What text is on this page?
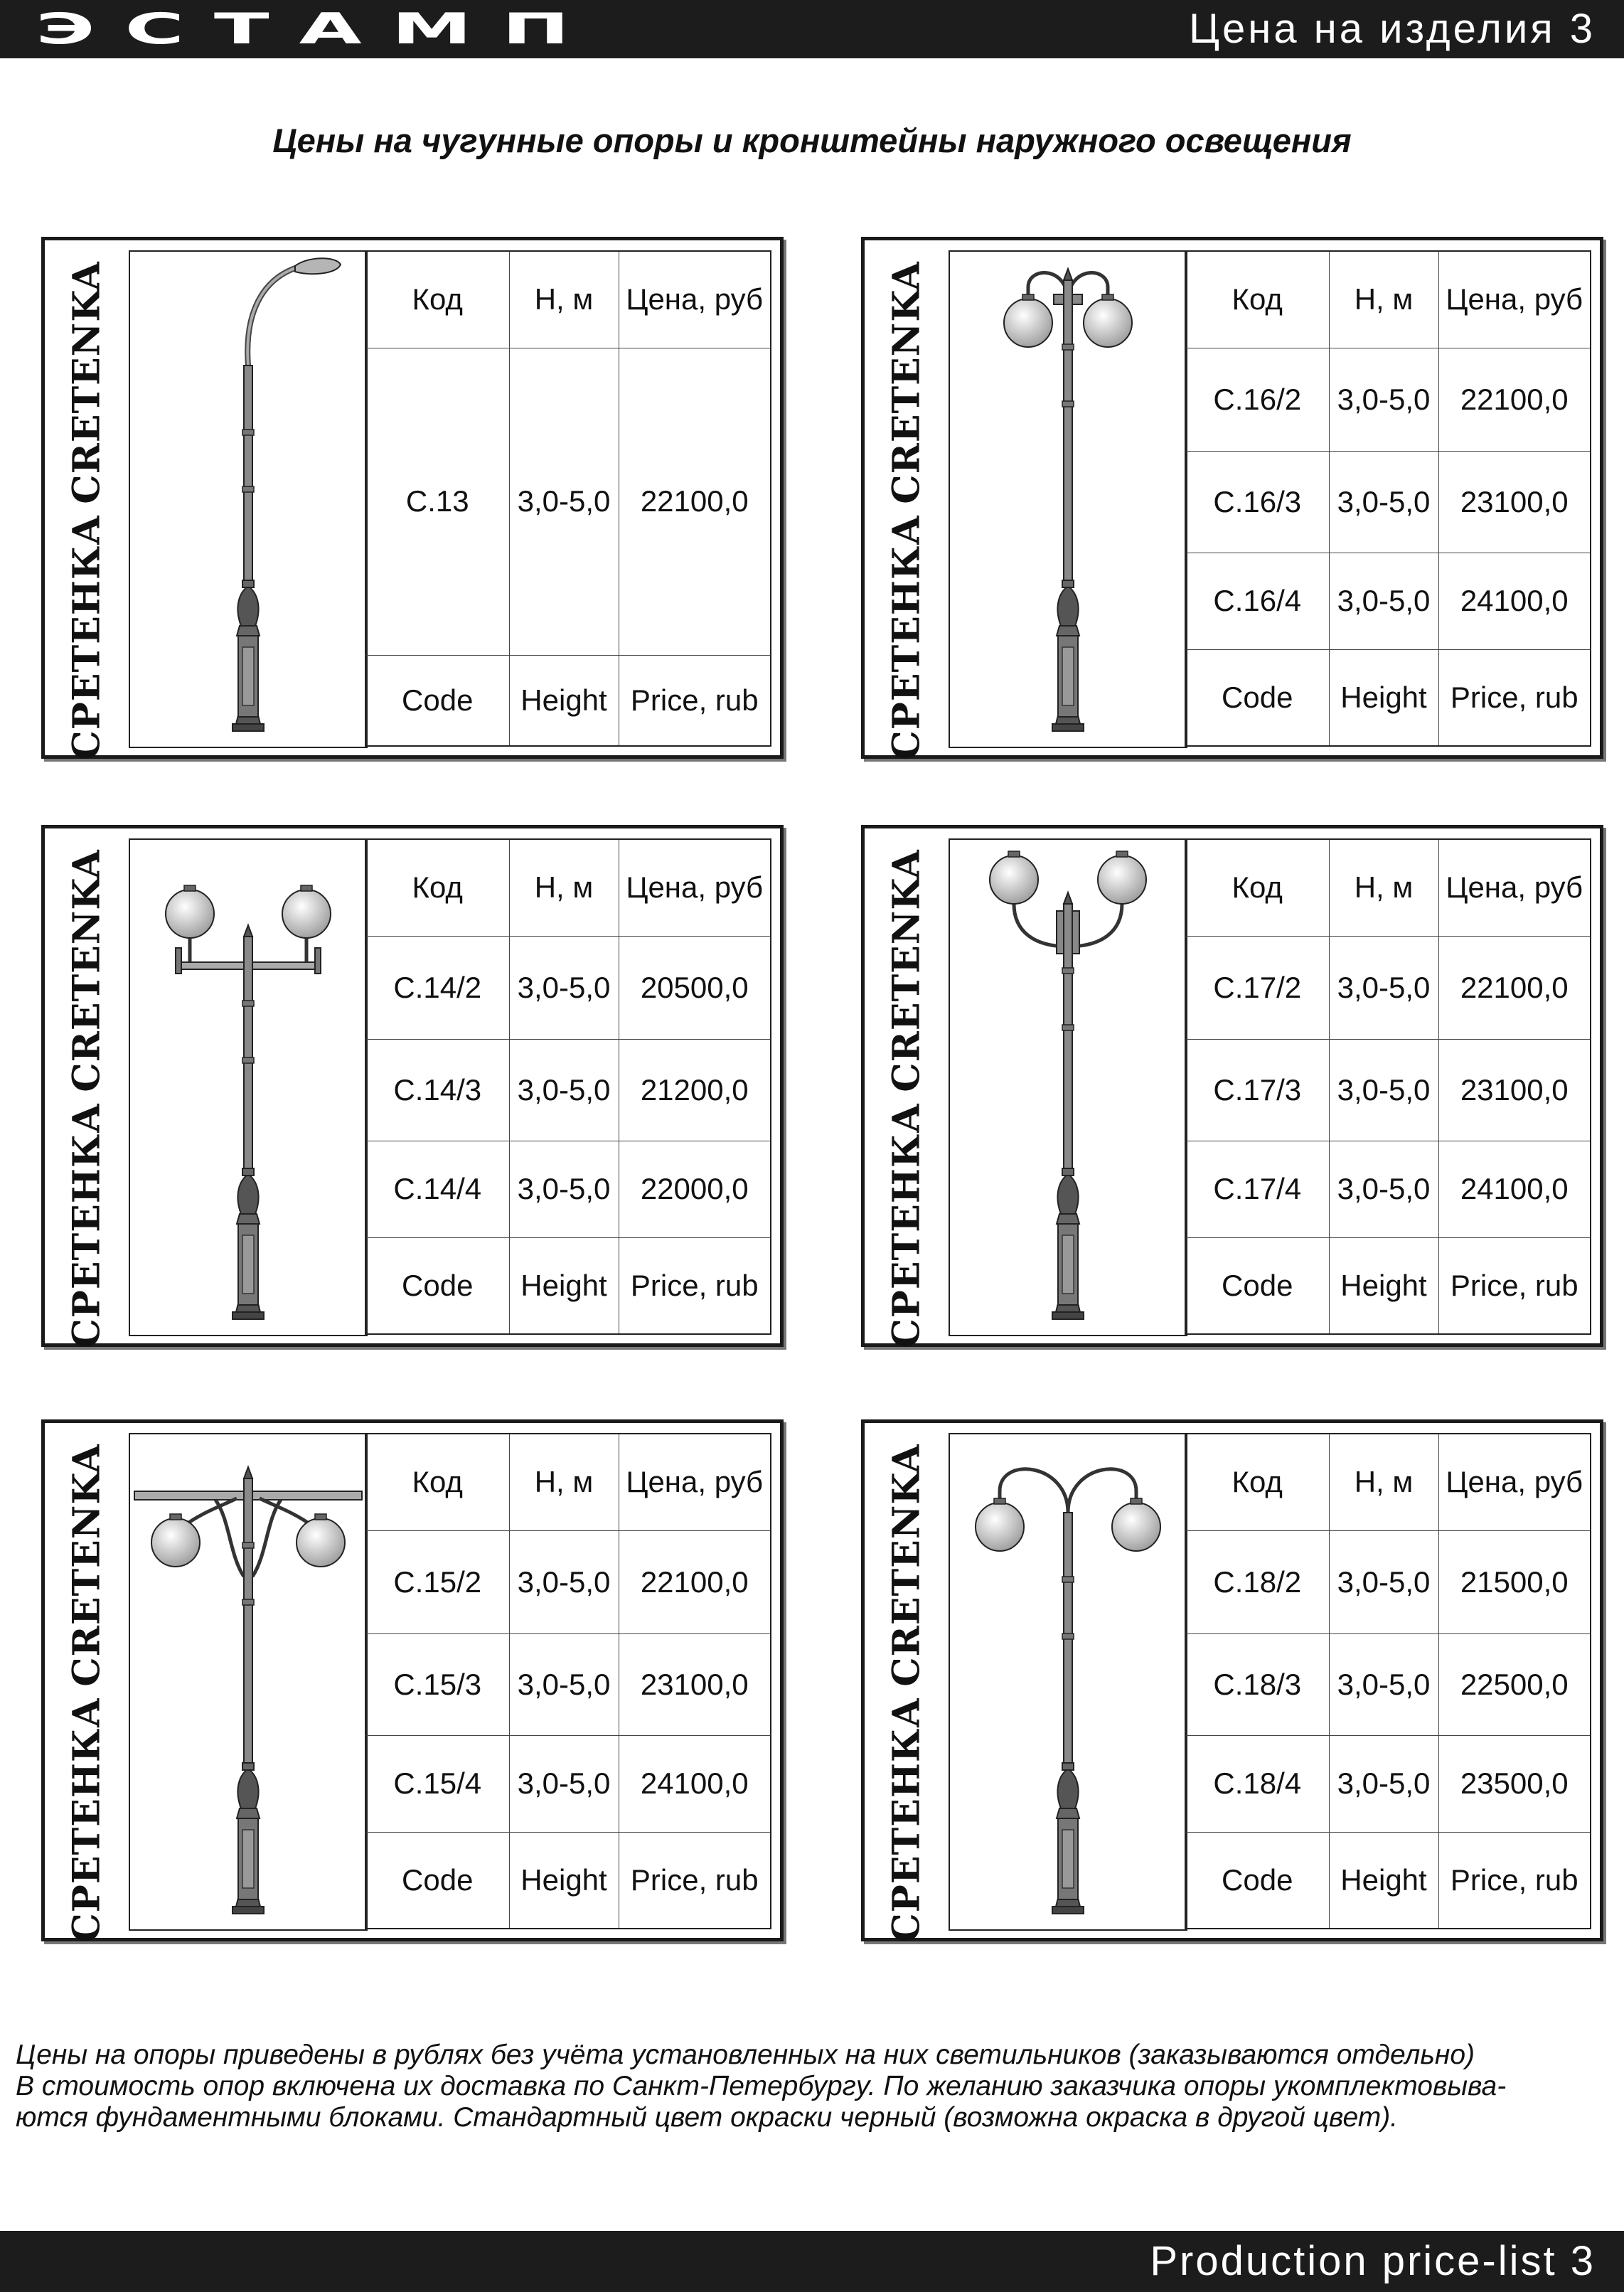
ЭСТАМП	Цена на изделия 3
Цены на чугунные опоры и кронштейны наружного освещения
CRETENKA
СРЕТЕНКА
Код	Н, м	Цена, руб
С.13	3,0-5,0	22100,0
Code	Height	Price, rub
CRETENKA
СРЕТЕНКА
Код	Н, м	Цена, руб
С.16/2	3,0-5,0	22100,0
С.16/3	3,0-5,0	23100,0
С.16/4	3,0-5,0	24100,0
Code	Height	Price, rub
CRETENKA
СРЕТЕНКА
Код	Н, м	Цена, руб
С.14/2	3,0-5,0	20500,0
С.14/3	3,0-5,0	21200,0
С.14/4	3,0-5,0	22000,0
Code	Height	Price, rub
CRETENKA
СРЕТЕНКА
Код	Н, м	Цена, руб
С.17/2	3,0-5,0	22100,0
С.17/3	3,0-5,0	23100,0
С.17/4	3,0-5,0	24100,0
Code	Height	Price, rub
CRETENKA
СРЕТЕНКА
Код	Н, м	Цена, руб
С.15/2	3,0-5,0	22100,0
С.15/3	3,0-5,0	23100,0
С.15/4	3,0-5,0	24100,0
Code	Height	Price, rub
CRETENKA
СРЕТЕНКА
Код	Н, м	Цена, руб
С.18/2	3,0-5,0	21500,0
С.18/3	3,0-5,0	22500,0
С.18/4	3,0-5,0	23500,0
Code	Height	Price, rub
Цены на опоры приведены в рублях без учёта установленных на них светильников (заказываются отдельно)
В стоимость опор включена их доставка по Санкт-Петербургу. По желанию заказчика опоры укомплектовыва-
ются фундаментными блоками. Стандартный цвет окраски черный (возможна окраска в другой цвет).
Production price-list 3
